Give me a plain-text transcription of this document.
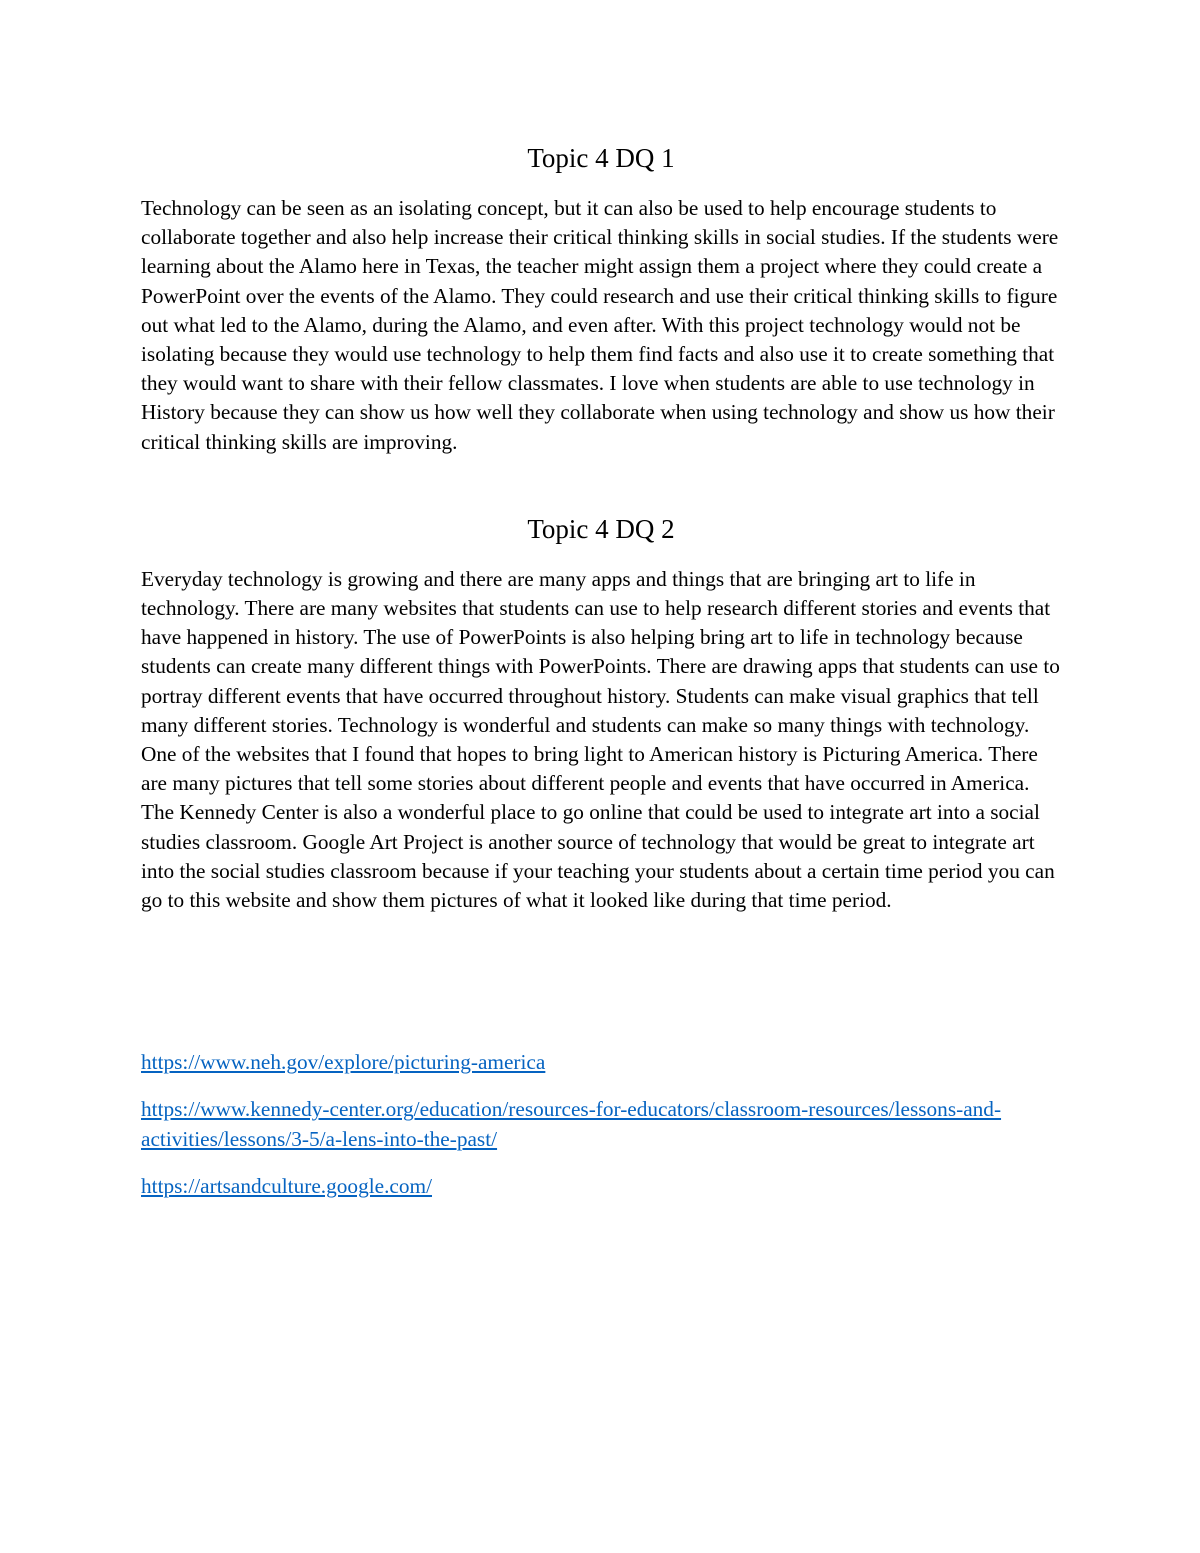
Topic 4 DQ 1

Technology can be seen as an isolating concept, but it can also be used to help encourage students to collaborate together and also help increase their critical thinking skills in social studies. If the students were learning about the Alamo here in Texas, the teacher might assign them a project where they could create a PowerPoint over the events of the Alamo. They could research and use their critical thinking skills to figure out what led to the Alamo, during the Alamo, and even after. With this project technology would not be isolating because they would use technology to help them find facts and also use it to create something that they would want to share with their fellow classmates. I love when students are able to use technology in History because they can show us how well they collaborate when using technology and show us how their critical thinking skills are improving.

Topic 4 DQ 2

Everyday technology is growing and there are many apps and things that are bringing art to life in technology. There are many websites that students can use to help research different stories and events that have happened in history. The use of PowerPoints is also helping bring art to life in technology because students can create many different things with PowerPoints. There are drawing apps that students can use to portray different events that have occurred throughout history. Students can make visual graphics that tell many different stories. Technology is wonderful and students can make so many things with technology. One of the websites that I found that hopes to bring light to American history is Picturing America. There are many pictures that tell some stories about different people and events that have occurred in America. The Kennedy Center is also a wonderful place to go online that could be used to integrate art into a social studies classroom. Google Art Project is another source of technology that would be great to integrate art into the social studies classroom because if your teaching your students about a certain time period you can go to this website and show them pictures of what it looked like during that time period.

https://www.neh.gov/explore/picturing-america
https://www.kennedy-center.org/education/resources-for-educators/classroom-resources/lessons-and-activities/lessons/3-5/a-lens-into-the-past/
https://artsandculture.google.com/
